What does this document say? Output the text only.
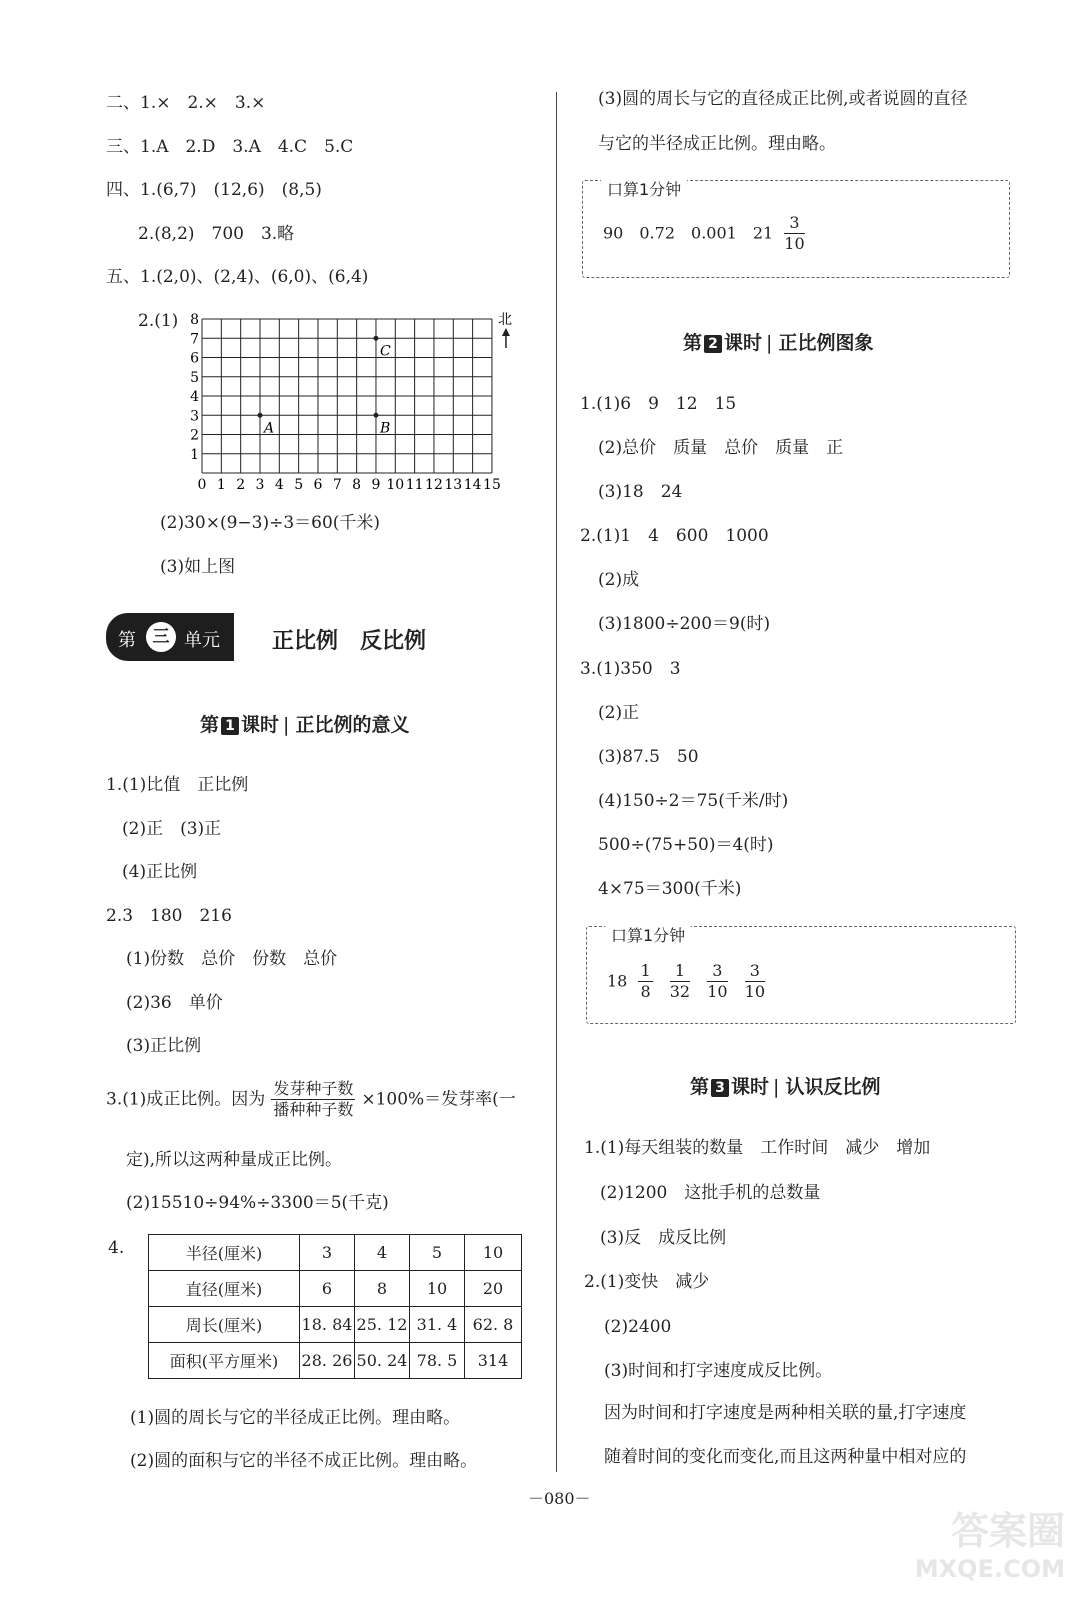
二、1.×　2.×　3.×
三、1.A　2.D　3.A　4.C　5.C
四、1.(6,7)　(12,6)　(8,5)
2.(8,2)　700　3.略
五、1.(2,0)、(2,4)、(6,0)、(6,4)
2.(1)
0 1 2 3 4 5 6 7 8 9 10 11 12 13 14 15
8
7
6
5
4
3
2
1
A	B
C
北
(2)30×(9−3)÷3＝60(千米)
(3)如上图
第 三 单元 正比例　反比例
第 1 课时 | 正比例的意义
1.(1)比值　正比例
(2)正　(3)正
(4)正比例
2.3　180　216
(1)份数　总价　份数　总价
(2)36　单价
(3)正比例
3.(1)成正比例。因为 $\frac{\text{发芽种子数}}{\text{播种种子数}} \times 100\%=$发芽率(一
定),所以这两种量成正比例。
(2)15510÷94%÷3300＝5(千克)
4.	半径(厘米)	3	4	5	10
直径(厘米)	6	8	10	20
周长(厘米)	18. 84	25. 12	31. 4	62. 8
面积(平方厘米)	28. 26	50. 24	78. 5	314
(1)圆的周长与它的半径成正比例。理由略。
(2)圆的面积与它的半径不成正比例。理由略。
(3)圆的周长与它的直径成正比例,或者说圆的直径
与它的半径成正比例。理由略。
口算1分钟
90　 0.72　 0.001　 $21 \frac{3}{10}$
第 2 课时 | 正比例图象
1.(1)6　9　12　15
(2)总价　质量　总价　质量　正
(3)18　24
2.(1)1　4　600　1000
(2)成
(3)1800÷200＝9(时)
3.(1)350　3
(2)正
(3)87.5　50
(4)150÷2＝75(千米/时)
500÷(75+50)＝4(时)
4×75＝300(千米)
口算1分钟
$18 \frac{1}{8}$
$\frac{1}{32}$
$\frac{3}{10}$
$\frac{3}{10}$
第 3 课时 | 认识反比例
1.(1)每天组装的数量　工作时间　减少　增加
(2)1200　这批手机的总数量
(3)反　成反比例
2.(1)变快　减少
(2)2400
(3)时间和打字速度成反比例。
因为时间和打字速度是两种相关联的量,打字速度
随着时间的变化而变化,而且这两种量中相对应的
－080－
答案圈
MXQE.COM
